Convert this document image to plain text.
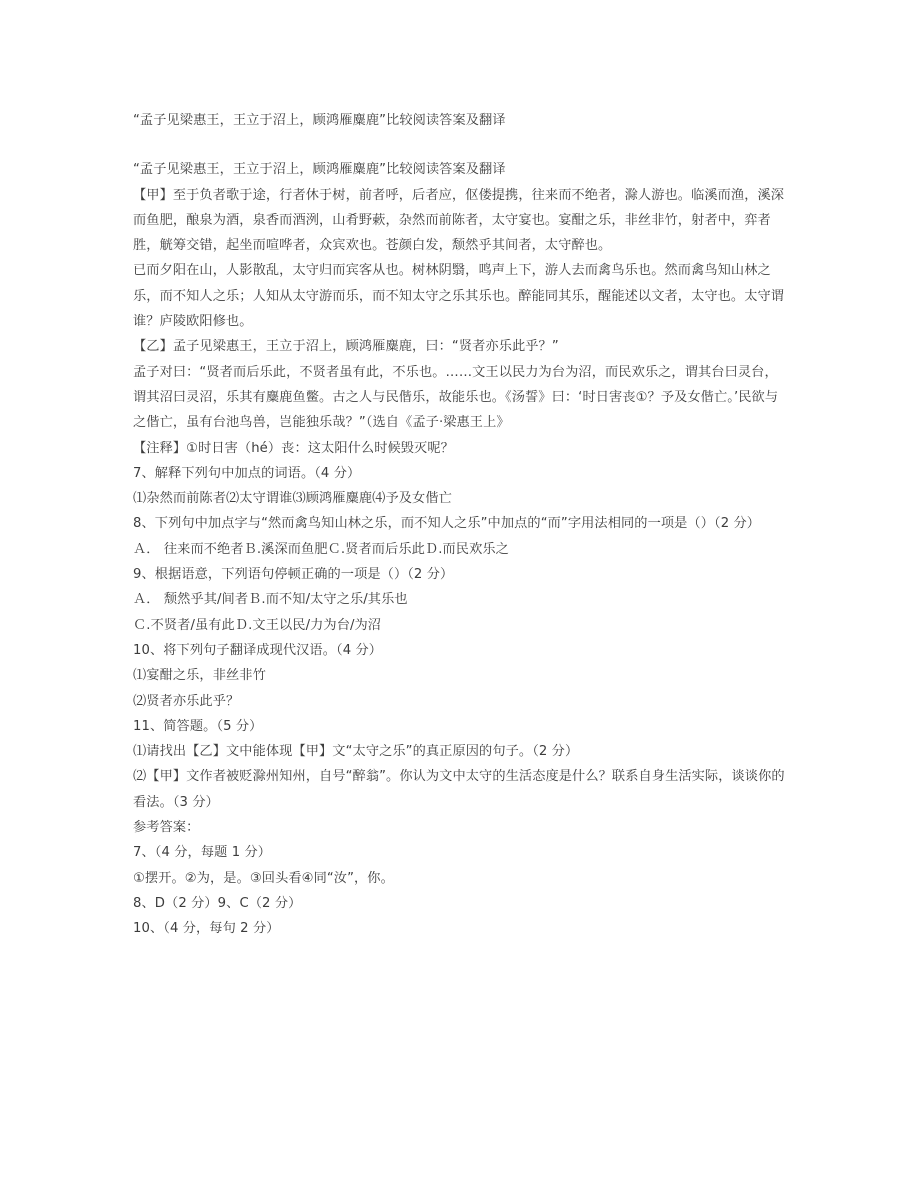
“孟子见梁惠王，王立于沼上，顾鸿雁麋鹿”比较阅读答案及翻译
“孟子见梁惠王，王立于沼上，顾鸿雁麋鹿”比较阅读答案及翻译
【甲】至于负者歌于途，行者休于树，前者呼，后者应，伛偻提携，往来而不绝者，滁人游也。临溪而渔，溪深而鱼肥，酿泉为酒，泉香而酒洌，山肴野蔌，杂然而前陈者，太守宴也。宴酣之乐，非丝非竹，射者中，弈者胜，觥筹交错，起坐而喧哗者，众宾欢也。苍颜白发，颓然乎其间者，太守醉也。
已而夕阳在山，人影散乱，太守归而宾客从也。树林阴翳，鸣声上下，游人去而禽鸟乐也。然而禽鸟知山林之乐，而不知人之乐；人知从太守游而乐，而不知太守之乐其乐也。醉能同其乐，醒能述以文者，太守也。太守谓谁？庐陵欧阳修也。
【乙】孟子见梁惠王，王立于沼上，顾鸿雁麋鹿，曰：“贤者亦乐此乎？”
孟子对曰：“贤者而后乐此，不贤者虽有此，不乐也。……文王以民力为台为沼，而民欢乐之，谓其台曰灵台，谓其沼曰灵沼，乐其有麋鹿鱼鳖。古之人与民偕乐，故能乐也。《汤誓》曰：‘时日害丧①？予及女偕亡。’民欲与之偕亡，虽有台池鸟兽，岂能独乐哉？”（选自《孟子·梁惠王上》
【注释】①时日害（hé）丧：这太阳什么时候毁灭呢？
7、解释下列句中加点的词语。（4 分）
⑴杂然而前陈者⑵太守谓谁⑶顾鸿雁麋鹿⑷予及女偕亡
8、下列句中加点字与“然而禽鸟知山林之乐，而不知人之乐”中加点的“而”字用法相同的一项是（）（2 分）
Ａ． 往来而不绝者Ｂ.溪深而鱼肥Ｃ.贤者而后乐此Ｄ.而民欢乐之
9、根据语意，下列语句停顿正确的一项是（）（2 分）
Ａ． 颓然乎其/间者Ｂ.而不知/太守之乐/其乐也
Ｃ.不贤者/虽有此Ｄ.文王以民/力为台/为沼
10、将下列句子翻译成现代汉语。（4 分）
⑴宴酣之乐，非丝非竹
⑵贤者亦乐此乎？
11、简答题。（5 分）
⑴请找出【乙】文中能体现【甲】文“太守之乐”的真正原因的句子。（2 分）
⑵【甲】文作者被贬滁州知州，自号“醉翁”。你认为文中太守的生活态度是什么？联系自身生活实际，谈谈你的看法。（3 分）
参考答案：
7、（4 分，每题 1 分）
①摆开。②为，是。③回头看④同“汝”，你。
8、D（2 分）9、C（2 分）
10、（4 分，每句 2 分）
